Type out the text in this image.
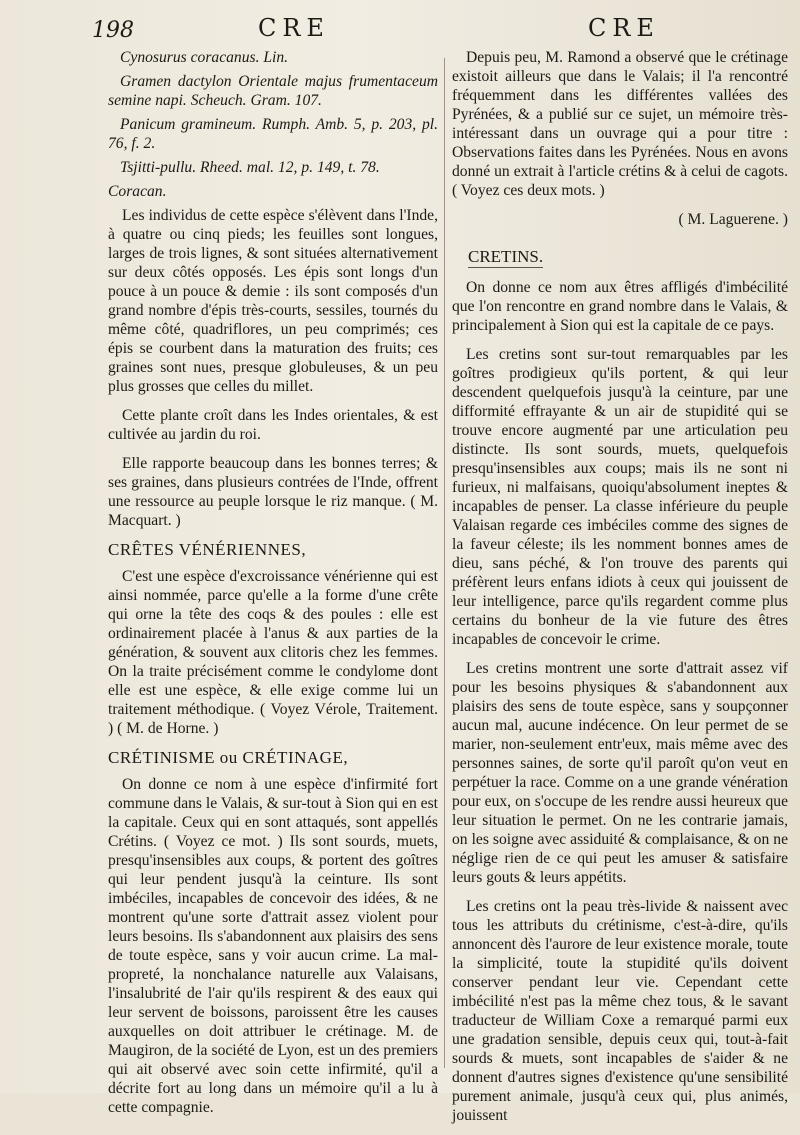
198	CRE	CRE
Cynosurus coracanus. Lin.
Gramen dactylon Orientale majus frumentaceum semine napi. Scheuch. Gram. 107.
Panicum gramineum. Rumph. Amb. 5, p. 203, pl. 76, f. 2.
Tsjitti-pullu. Rheed. mal. 12, p. 149, t. 78.
Coracan.

Les individus de cette espèce s'élèvent dans l'Inde, à quatre ou cinq pieds; les feuilles sont longues, larges de trois lignes, & sont situées alternativement sur deux côtés opposés. Les épis sont longs d'un pouce à un pouce & demie : ils sont composés d'un grand nombre d'épis très-courts, sessiles, tournés du même côté, quadriflores, un peu comprimés; ces épis se courbent dans la maturation des fruits; ces graines sont nues, presque globuleuses, & un peu plus grosses que celles du millet.

Cette plante croît dans les Indes orientales, & est cultivée au jardin du roi.

Elle rapporte beaucoup dans les bonnes terres; & ses graines, dans plusieurs contrées de l'Inde, offrent une ressource au peuple lorsque le riz manque. ( M. Macquart. )

CRÊTES VÉNÉRIENNES,

C'est une espèce d'excroissance vénérienne qui est ainsi nommée, parce qu'elle a la forme d'une crête qui orne la tête des coqs & des poules : elle est ordinairement placée à l'anus & aux parties de la génération, & souvent aux clitoris chez les femmes. On la traite précisément comme le condylome dont elle est une espèce, & elle exige comme lui un traitement méthodique. ( Voyez Vérole, Traitement. ) ( M. de Horne. )

CRÉTINISME ou CRÉTINAGE,

On donne ce nom à une espèce d'infirmité fort commune dans le Valais, & sur-tout à Sion qui en est la capitale. Ceux qui en sont attaqués, sont appellés Crétins. ( Voyez ce mot. ) Ils sont sourds, muets, presqu'insensibles aux coups, & portent des goîtres qui leur pendent jusqu'à la ceinture. Ils sont imbéciles, incapables de concevoir des idées, & ne montrent qu'une sorte d'attrait assez violent pour leurs besoins. Ils s'abandonnent aux plaisirs des sens de toute espèce, sans y voir aucun crime. La mal-propreté, la nonchalance naturelle aux Valaisans, l'insalubrité de l'air qu'ils respirent & des eaux qui leur servent de boissons, paroissent être les causes auxquelles on doit attribuer le crétinage. M. de Maugiron, de la société de Lyon, est un des premiers qui ait observé avec soin cette infirmité, qu'il a décrite fort au long dans un mémoire qu'il a lu à cette compagnie.

Depuis peu, M. Ramond a observé que le crétinage existoit ailleurs que dans le Valais; il l'a rencontré fréquemment dans les différentes vallées des Pyrénées, & a publié sur ce sujet, un mémoire très-intéressant dans un ouvrage qui a pour titre : Observations faites dans les Pyrénées. Nous en avons donné un extrait à l'article crétins & à celui de cagots. ( Voyez ces deux mots. )

( M. Laguerene. )

CRETINS.

On donne ce nom aux êtres affligés d'imbécilité que l'on rencontre en grand nombre dans le Valais, & principalement à Sion qui est la capitale de ce pays.

Les cretins sont sur-tout remarquables par les goîtres prodigieux qu'ils portent, & qui leur descendent quelquefois jusqu'à la ceinture, par une difformité effrayante & un air de stupidité qui se trouve encore augmenté par une articulation peu distincte. Ils sont sourds, muets, quelquefois presqu'insensibles aux coups; mais ils ne sont ni furieux, ni malfaisans, quoiqu'absolument ineptes & incapables de penser. La classe inférieure du peuple Valaisan regarde ces imbéciles comme des signes de la faveur céleste; ils les nomment bonnes ames de dieu, sans péché, & l'on trouve des parents qui préfèrent leurs enfans idiots à ceux qui jouissent de leur intelligence, parce qu'ils regardent comme plus certains du bonheur de la vie future des êtres incapables de concevoir le crime.

Les cretins montrent une sorte d'attrait assez vif pour les besoins physiques & s'abandonnent aux plaisirs des sens de toute espèce, sans y soupçonner aucun mal, aucune indécence. On leur permet de se marier, non-seulement entr'eux, mais même avec des personnes saines, de sorte qu'il paroît qu'on veut en perpétuer la race. Comme on a une grande vénération pour eux, on s'occupe de les rendre aussi heureux que leur situation le permet. On ne les contrarie jamais, on les soigne avec assiduité & complaisance, & on ne néglige rien de ce qui peut les amuser & satisfaire leurs gouts & leurs appétits.

Les cretins ont la peau très-livide & naissent avec tous les attributs du crétinisme, c'est-à-dire, qu'ils annoncent dès l'aurore de leur existence morale, toute la simplicité, toute la stupidité qu'ils doivent conserver pendant leur vie. Cependant cette imbécilité n'est pas la même chez tous, & le savant traducteur de William Coxe a remarqué parmi eux une gradation sensible, depuis ceux qui, tout-à-fait sourds & muets, sont incapables de s'aider & ne donnent d'autres signes d'existence qu'une sensibilité purement animale, jusqu'à ceux qui, plus animés, jouissent
